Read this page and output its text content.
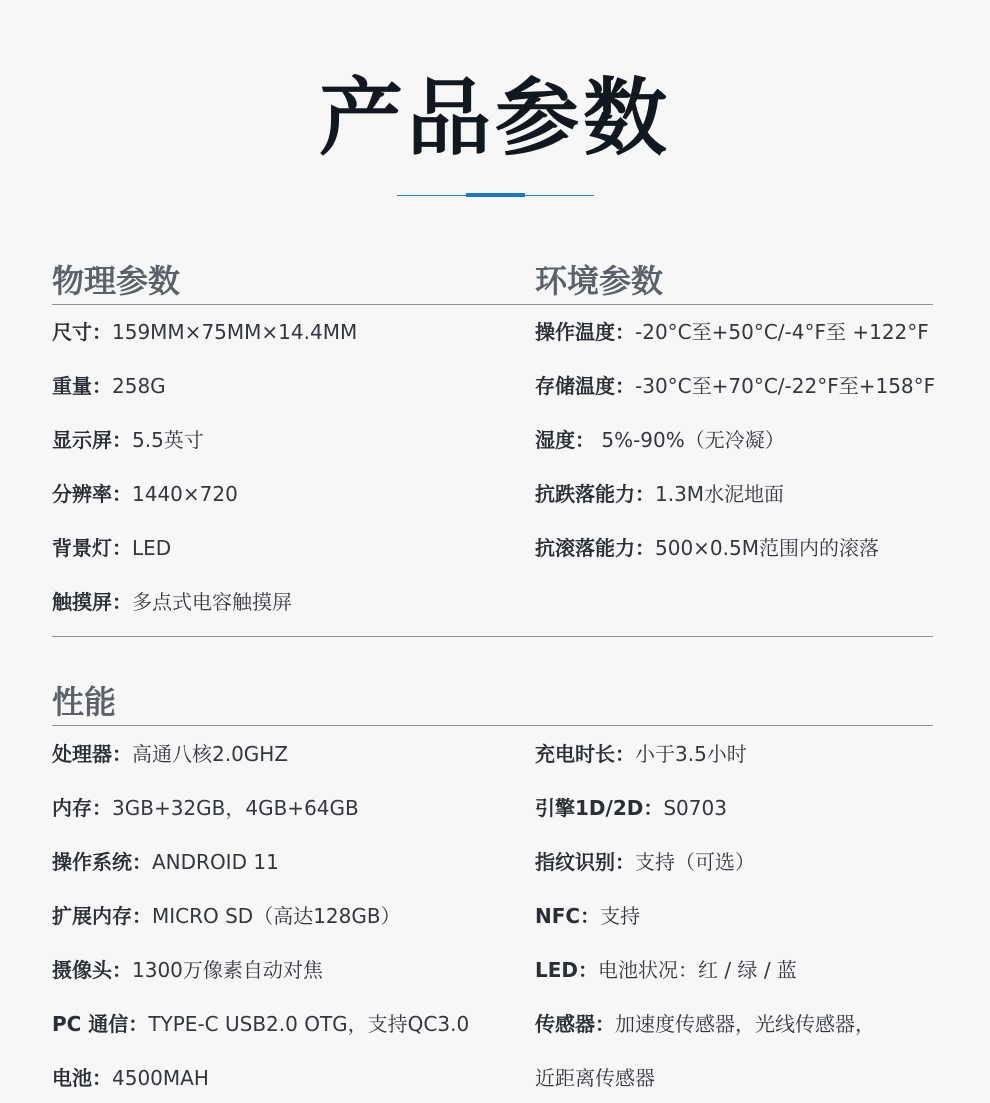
产品参数
物理参数	环境参数
尺寸：159MM×75MM×14.4MM
重量：258G
显示屏：5.5英寸
分辨率：1440×720
背景灯：LED
触摸屏：多点式电容触摸屏
操作温度：-20°C至+50°C/-4°F至 +122°F
存储温度：-30°C至+70°C/-22°F至+158°F
湿度： 5%-90%（无冷凝）
抗跌落能力：1.3M水泥地面
抗滚落能力：500×0.5M范围内的滚落
性能
处理器：高通八核2.0GHZ
内存：3GB+32GB，4GB+64GB
操作系统：ANDROID 11
扩展内存：MICRO SD（高达128GB）
摄像头：1300万像素自动对焦
PC 通信：TYPE-C USB2.0 OTG，支持QC3.0
电池：4500MAH
充电时长：小于3.5小时
引擎1D/2D：S0703
指纹识别：支持（可选）
NFC：支持
LED：电池状况：红 / 绿 / 蓝
传感器：加速度传感器，光线传感器，
近距离传感器
